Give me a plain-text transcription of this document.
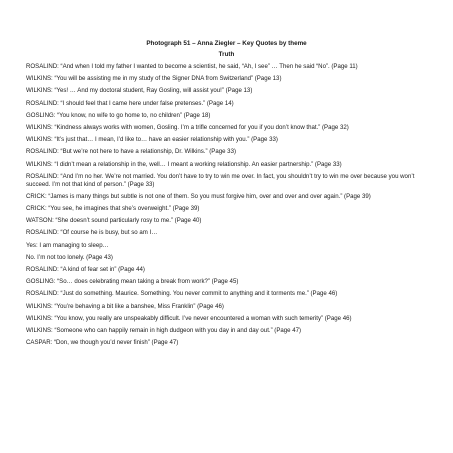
Photograph 51 – Anna Ziegler – Key Quotes by theme
Truth

ROSALIND: “And when I told my father I wanted to become a scientist, he said, “Ah, I see” … Then he said “No”. (Page 11)

WILKINS: “You will be assisting me in my study of the Signer DNA from Switzerland” (Page 13)

WILKINS: “Yes! … And my doctoral student, Ray Gosling, will assist you!” (Page 13)

ROSALIND: “I should feel that I came here under false pretenses.” (Page 14)

GOSLING: “You know, no wife to go home to, no children” (Page 18)

WILKINS: “Kindness always works with women, Gosling. I’m a trifle concerned for you if you don’t know that.” (Page 32)

WILKINS: “It’s just that… I mean, I’d like to… have an easier relationship with you.” (Page 33)

ROSALIND: “But we’re not here to have a relationship, Dr. Wilkins.” (Page 33)

WILKINS: “I didn’t mean a relationship in the, well… I meant a working relationship. An easier partnership.” (Page 33)

ROSALIND: “And I’m no her. We’re not married. You don’t have to try to win me over. In fact, you shouldn’t try to win me over because you won’t succeed. I’m not that kind of person.” (Page 33)

CRICK: “James is many things but subtle is not one of them. So you must forgive him, over and over and over again.” (Page 39)

CRICK: “You see, he imagines that she’s overweight.” (Page 39)

WATSON: “She doesn’t sound particularly rosy to me.” (Page 40)

ROSALIND: “Of course he is busy, but so am I…

Yes: I am managing to sleep…

No. I’m not too lonely. (Page 43)

ROSALIND: “A kind of fear set in” (Page 44)

GOSLING: “So… does celebrating mean taking a break from work?” (Page 45)

ROSALIND: “Just do something. Maurice. Something. You never commit to anything and it torments me.” (Page 46)

WILKINS: “You’re behaving a bit like a banshee, Miss Franklin” (Page 46)

WILKINS: “You know, you really are unspeakably difficult. I’ve never encountered a woman with such temerity” (Page 46)

WILKINS: “Someone who can happily remain in high dudgeon with you day in and day out.” (Page 47)

CASPAR: “Don, we though you’d never finish” (Page 47)
